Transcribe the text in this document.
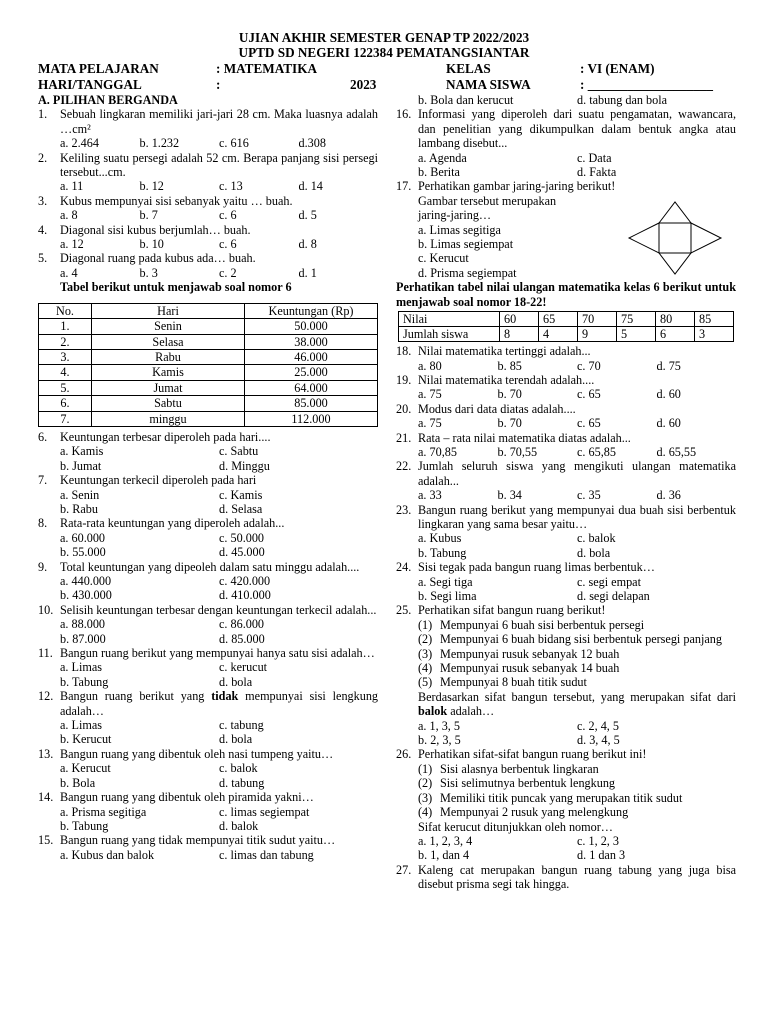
UJIAN AKHIR SEMESTER GENAP TP 2022/2023
UPTD SD NEGERI 122384 PEMATANGSIANTAR
MATA PELAJARAN	: MATEMATIKA	KELAS	: VI (ENAM)
HARI/TANGGAL	:	2023	NAMA SISWA	: ___________________
A. PILIHAN BERGANDA
1.	Sebuah lingkaran memiliki jari-jari 28 cm. Maka luasnya adalah …cm²
a. 2.464	b. 1.232	c. 616	d.308
2.	Keliling suatu persegi adalah 52 cm. Berapa panjang sisi persegi tersebut...cm.
a. 11	b. 12	c. 13	d. 14
3.	Kubus mempunyai sisi sebanyak yaitu … buah.
a. 8	b. 7	c. 6	d. 5
4.	Diagonal sisi kubus berjumlah… buah.
a. 12	b. 10	c. 6	d. 8
5.	Diagonal ruang pada kubus ada… buah.
a. 4	b. 3	c. 2	d. 1
Tabel berikut untuk menjawab soal nomor 6
No.	Hari	Keuntungan (Rp)
1.	Senin	50.000
2.	Selasa	38.000
3.	Rabu	46.000
4.	Kamis	25.000
5.	Jumat	64.000
6.	Sabtu	85.000
7.	minggu	112.000
6.	Keuntungan terbesar diperoleh pada hari....
a. Kamis	c. Sabtu
b. Jumat	d. Minggu
7.	Keuntungan terkecil diperoleh pada hari
a. Senin	c. Kamis
b. Rabu	d. Selasa
8.	Rata-rata keuntungan yang diperoleh adalah...
a. 60.000	c. 50.000
b. 55.000	d. 45.000
9.	Total keuntungan yang dipeoleh dalam satu minggu adalah....
a. 440.000	c. 420.000
b. 430.000	d. 410.000
10. Selisih keuntungan terbesar dengan keuntungan terkecil adalah...
a. 88.000	c. 86.000
b. 87.000	d. 85.000
11. Bangun ruang berikut yang mempunyai hanya satu sisi adalah…
a. Limas	c. kerucut
b. Tabung	d. bola
12. Bangun ruang berikut yang tidak mempunyai sisi lengkung adalah…
a. Limas	c. tabung
b. Kerucut	d. bola
13. Bangun ruang yang dibentuk oleh nasi tumpeng yaitu…
a. Kerucut	c. balok
b. Bola	d. tabung
14. Bangun ruang yang dibentuk oleh piramida yakni…
a. Prisma segitiga	c. limas segiempat
b. Tabung	d. balok
15. Bangun ruang yang tidak mempunyai titik sudut yaitu…
a. Kubus dan balok	c. limas dan tabung
b. Bola dan kerucut	d. tabung dan bola
16. Informasi yang diperoleh dari suatu pengamatan, wawancara, dan penelitian yang dikumpulkan dalam bentuk angka atau lambang disebut...
a. Agenda	c. Data
b. Berita	d. Fakta
17. Perhatikan gambar jaring-jaring berikut!
Gambar tersebut merupakan
jaring-jaring…
a. Limas segitiga
b. Limas segiempat
c. Kerucut
d. Prisma segiempat
Perhatikan tabel nilai ulangan matematika kelas 6 berikut untuk menjawab soal nomor 18-22!
Nilai	60	65	70	75	80	85
Jumlah siswa	8	4	9	5	6	3
18. Nilai matematika tertinggi adalah...
a. 80	b. 85	c. 70	d. 75
19. Nilai matematika terendah adalah....
a. 75	b. 70	c. 65	d. 60
20. Modus dari data diatas adalah....
a. 75	b. 70	c. 65	d. 60
21. Rata – rata nilai matematika diatas adalah...
a. 70,85	b. 70,55	c. 65,85	d. 65,55
22. Jumlah seluruh siswa yang mengikuti ulangan matematika adalah...
a. 33	b. 34	c. 35	d. 36
23. Bangun ruang berikut yang mempunyai dua buah sisi berbentuk lingkaran yang sama besar yaitu…
a. Kubus	c. balok
b. Tabung	d. bola
24. Sisi tegak pada bangun ruang limas berbentuk…
a. Segi tiga	c. segi empat
b. Segi lima	d. segi delapan
25. Perhatikan sifat bangun ruang berikut!
(1) Mempunyai 6 buah sisi berbentuk persegi
(2) Mempunyai 6 buah bidang sisi berbentuk persegi panjang
(3) Mempunyai rusuk sebanyak 12 buah
(4) Mempunyai rusuk sebanyak 14 buah
(5) Mempunyai 8 buah titik sudut
Berdasarkan sifat bangun tersebut, yang merupakan sifat dari balok adalah…
a. 1, 3, 5	c. 2, 4, 5
b. 2, 3, 5	d. 3, 4, 5
26. Perhatikan sifat-sifat bangun ruang berikut ini!
(1) Sisi alasnya berbentuk lingkaran
(2) Sisi selimutnya berbentuk lengkung
(3) Memiliki titik puncak yang merupakan titik sudut
(4) Mempunyai 2 rusuk yang melengkung
Sifat kerucut ditunjukkan oleh nomor…
a. 1, 2, 3, 4	c. 1, 2, 3
b. 1, dan 4	d. 1 dan 3
27. Kaleng cat merupakan bangun ruang tabung yang juga bisa disebut prisma segi tak hingga.
